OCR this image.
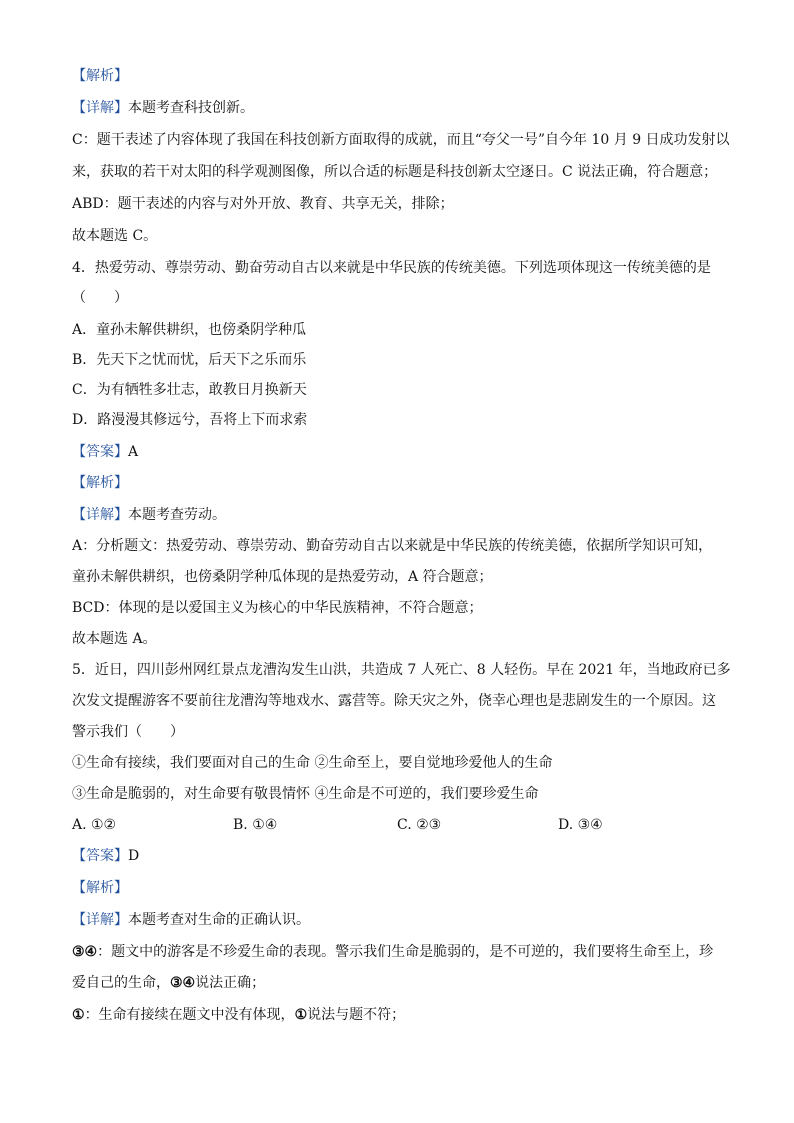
【解析】
【详解】本题考查科技创新。
C：题干表述了内容体现了我国在科技创新方面取得的成就，而且“夸父一号”自今年 10 月 9 日成功发射以
来，获取的若干对太阳的科学观测图像，所以合适的标题是科技创新太空逐日。C 说法正确，符合题意；
ABD：题干表述的内容与对外开放、教育、共享无关，排除；
故本题选 C。
4．热爱劳动、尊崇劳动、勤奋劳动自古以来就是中华民族的传统美德。下列选项体现这一传统美德的是
（　　）
A．童孙未解供耕织，也傍桑阴学种瓜
B．先天下之忧而忧，后天下之乐而乐
C．为有牺牲多壮志，敢教日月换新天
D．路漫漫其修远兮，吾将上下而求索
【答案】A
【解析】
【详解】本题考查劳动。
A：分析题文：热爱劳动、尊崇劳动、勤奋劳动自古以来就是中华民族的传统美德，依据所学知识可知，
童孙未解供耕织，也傍桑阴学种瓜体现的是热爱劳动，A 符合题意；
BCD：体现的是以爱国主义为核心的中华民族精神，不符合题意；
故本题选 A。
5．近日，四川彭州网红景点龙漕沟发生山洪，共造成 7 人死亡、8 人轻伤。早在 2021 年，当地政府已多
次发文提醒游客不要前往龙漕沟等地戏水、露营等。除天灾之外，侥幸心理也是悲剧发生的一个原因。这
警示我们（　　）
①生命有接续，我们要面对自己的生命 ②生命至上，要自觉地珍爱他人的生命
③生命是脆弱的，对生命要有敬畏情怀 ④生命是不可逆的，我们要珍爱生命
A. ①②	B. ①④	C. ②③	D. ③④
【答案】D
【解析】
【详解】本题考查对生命的正确认识。
③④：题文中的游客是不珍爱生命的表现。警示我们生命是脆弱的，是不可逆的，我们要将生命至上，珍
爱自己的生命，③④说法正确；
①：生命有接续在题文中没有体现，①说法与题不符；
